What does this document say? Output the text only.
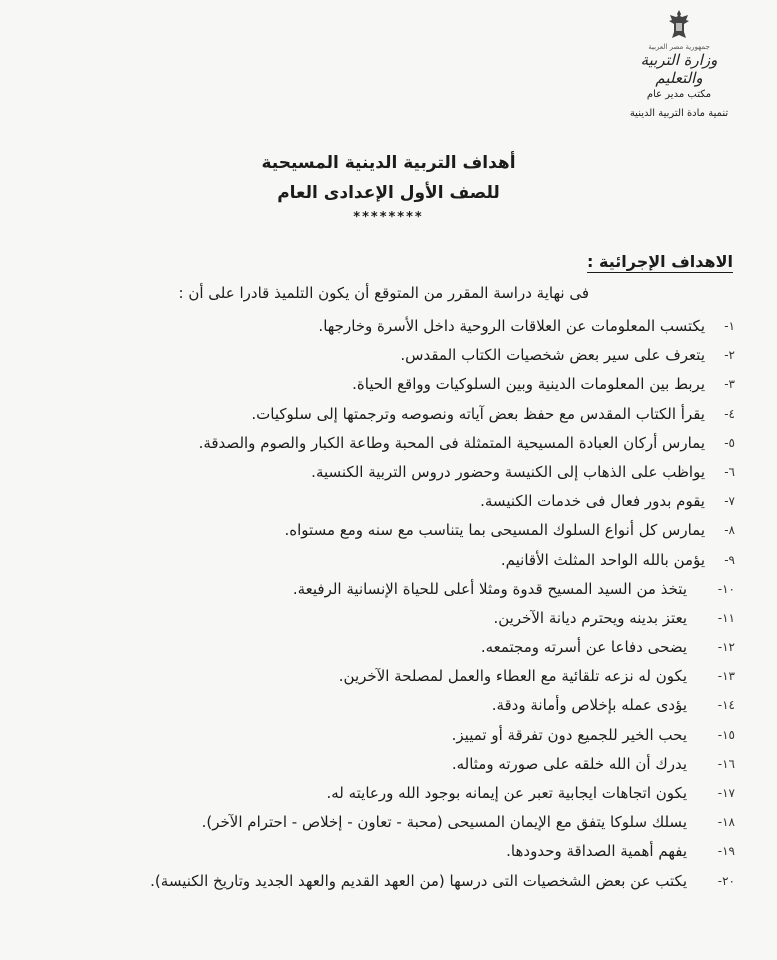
جمهورية مصر العربية
وزارة التربية والتعليم
مكتب مدير عام
تنمية مادة التربية الدينية
أهداف التربية الدينية المسيحية
للصف الأول الإعدادى العام
********
الاهداف الإجرائية :
فى نهاية دراسة المقرر من المتوقع أن يكون التلميذ قادرا على أن :
١-
يكتسب المعلومات عن العلاقات الروحية داخل الأسرة وخارجها.
٢-
يتعرف على سير بعض شخصيات الكتاب المقدس.
٣-
يربط بين المعلومات الدينية وبين السلوكيات وواقع الحياة.
٤-
يقرأ الكتاب المقدس مع حفظ بعض آياته ونصوصه وترجمتها إلى سلوكيات.
٥-
يمارس أركان العبادة المسيحية المتمثلة فى المحبة وطاعة الكبار والصوم والصدقة.
٦-
يواظب على الذهاب إلى الكنيسة وحضور دروس التربية الكنسية.
٧-
يقوم بدور فعال فى خدمات الكنيسة.
٨-
يمارس كل أنواع السلوك المسيحى بما يتناسب مع سنه ومع مستواه.
٩-
يؤمن بالله الواحد المثلث الأقانيم.
١٠-
يتخذ من السيد المسيح قدوة ومثلا أعلى للحياة الإنسانية الرفيعة.
١١-
يعتز بدينه ويحترم ديانة الآخرين.
١٢-
يضحى دفاعا عن أسرته ومجتمعه.
١٣-
يكون له نزعه تلقائية مع العطاء والعمل لمصلحة الآخرين.
١٤-
يؤدى عمله بإخلاص وأمانة ودقة.
١٥-
يحب الخير للجميع دون تفرقة أو تمييز.
١٦-
يدرك أن الله خلقه على صورته ومثاله.
١٧-
يكون اتجاهات ايجابية تعبر عن إيمانه بوجود الله ورعايته له.
١٨-
يسلك سلوكا يتفق مع الإيمان المسيحى (محبة - تعاون - إخلاص - احترام الآخر).
١٩-
يفهم أهمية الصداقة وحدودها.
٢٠-
يكتب عن بعض الشخصيات التى درسها (من العهد القديم والعهد الجديد وتاريخ الكنيسة).
